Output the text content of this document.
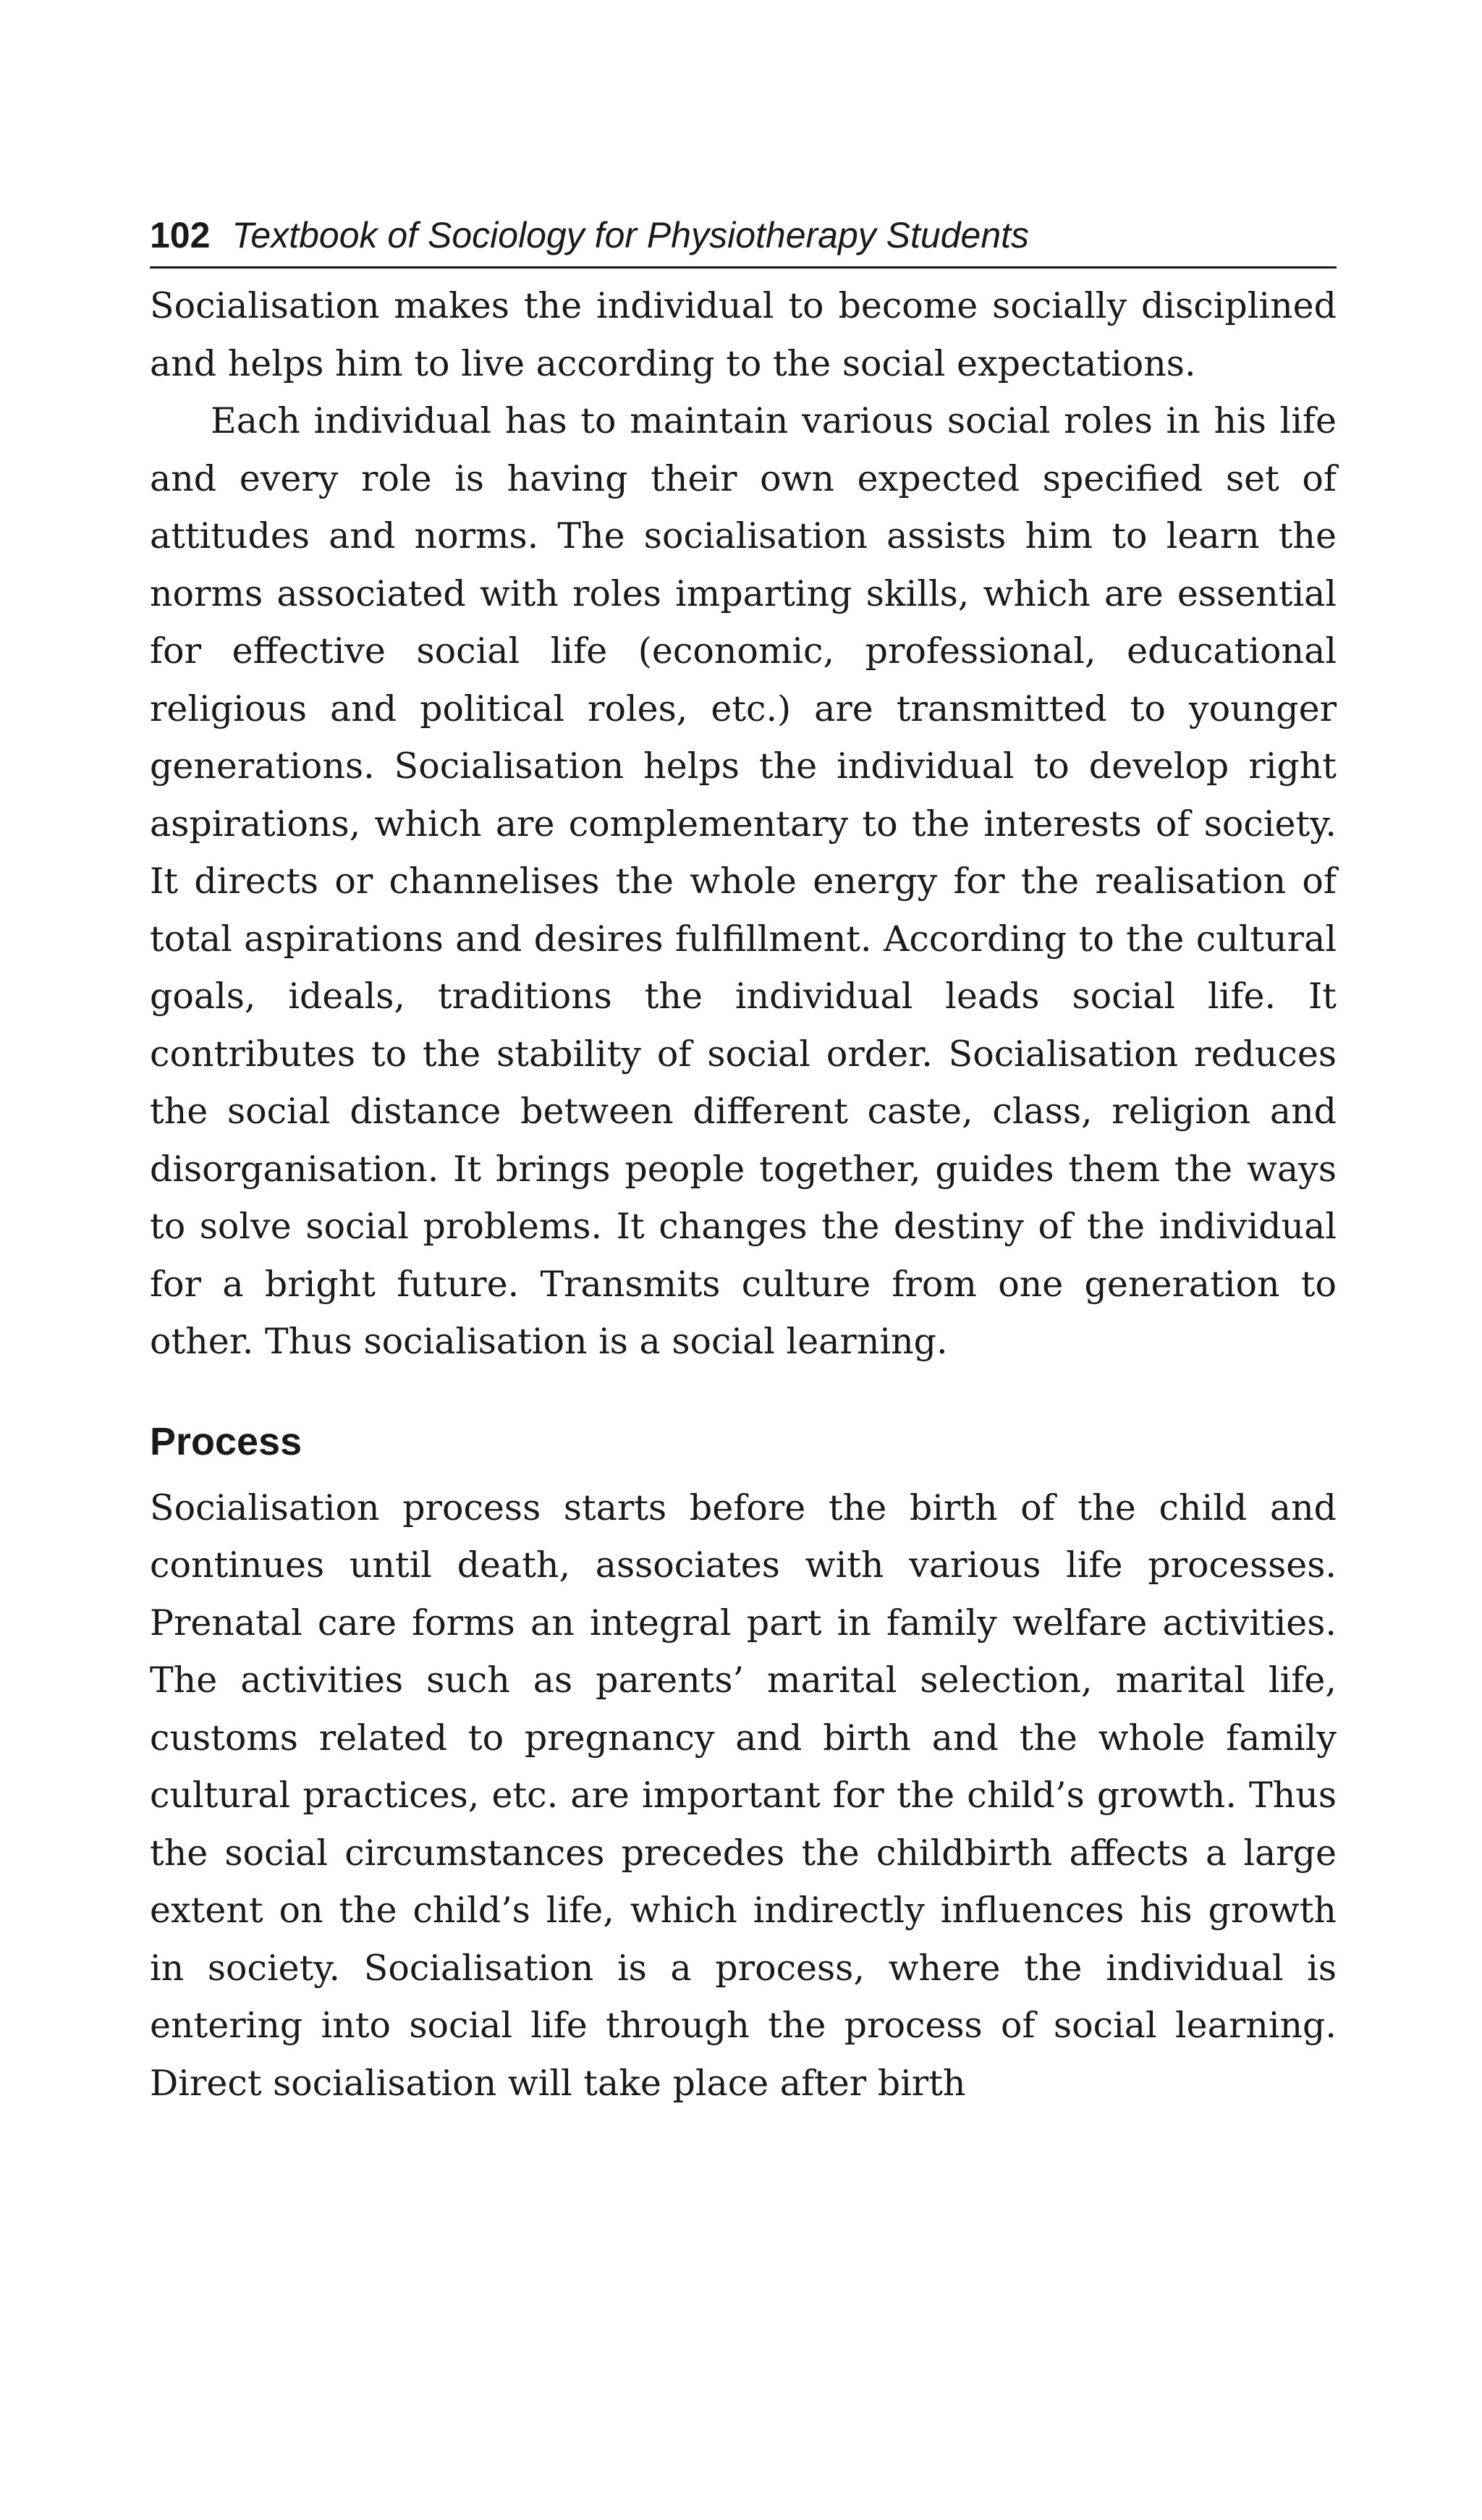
102 Textbook of Sociology for Physiotherapy Students

Socialisation makes the individual to become socially disciplined and helps him to live according to the social expectations.

Each individual has to maintain various social roles in his life and every role is having their own expected specified set of attitudes and norms. The socialisation assists him to learn the norms associated with roles imparting skills, which are essential for effective social life (economic, professional, educational religious and political roles, etc.) are transmitted to younger generations. Socialisation helps the individual to develop right aspirations, which are complementary to the interests of society. It directs or channelises the whole energy for the realisation of total aspirations and desires fulfillment. According to the cultural goals, ideals, traditions the individual leads social life. It contributes to the stability of social order. Socialisation reduces the social distance between different caste, class, religion and disorganisation. It brings people together, guides them the ways to solve social problems. It changes the destiny of the individual for a bright future. Transmits culture from one generation to other. Thus socialisation is a social learning.

Process

Socialisation process starts before the birth of the child and continues until death, associates with various life processes. Prenatal care forms an integral part in family welfare activities. The activities such as parents’ marital selection, marital life, customs related to pregnancy and birth and the whole family cultural practices, etc. are important for the child’s growth. Thus the social circumstances precedes the childbirth affects a large extent on the child’s life, which indirectly influences his growth in society. Socialisation is a process, where the individual is entering into social life through the process of social learning. Direct socialisation will take place after birth
